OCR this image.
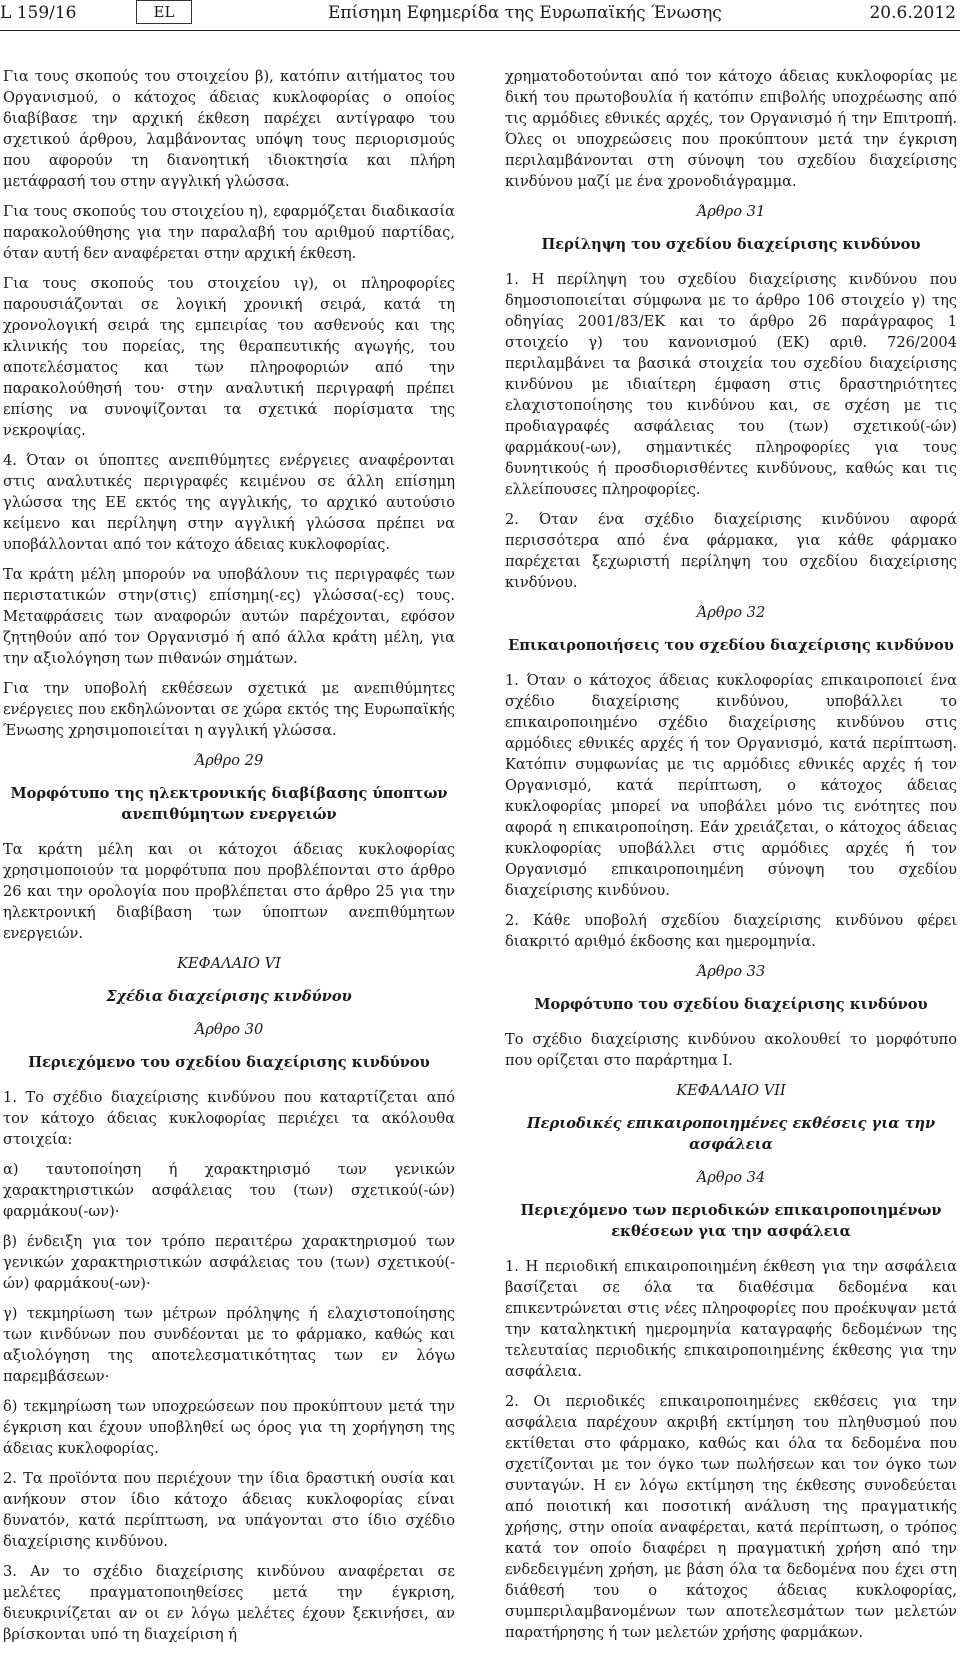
L 159/16	EL	Επίσημη Εφημερίδα της Ευρωπαϊκής Ένωσης	20.6.2012

Για τους σκοπούς του στοιχείου β), κατόπιν αιτήματος του Οργανισμού, ο κάτοχος άδειας κυκλοφορίας ο οποίος διαβίβασε την αρχική έκθεση παρέχει αντίγραφο του σχετικού άρθρου, λαμβάνοντας υπόψη τους περιορισμούς που αφορούν τη διανοητική ιδιοκτησία και πλήρη μετάφρασή του στην αγγλική γλώσσα.

Για τους σκοπούς του στοιχείου η), εφαρμόζεται διαδικασία παρακολούθησης για την παραλαβή του αριθμού παρτίδας, όταν αυτή δεν αναφέρεται στην αρχική έκθεση.

Για τους σκοπούς του στοιχείου ιγ), οι πληροφορίες παρουσιάζονται σε λογική χρονική σειρά, κατά τη χρονολογική σειρά της εμπειρίας του ασθενούς και της κλινικής του πορείας, της θεραπευτικής αγωγής, του αποτελέσματος και των πληροφοριών από την παρακολούθησή του· στην αναλυτική περιγραφή πρέπει επίσης να συνοψίζονται τα σχετικά πορίσματα της νεκροψίας.

4. Όταν οι ύποπτες ανεπιθύμητες ενέργειες αναφέρονται στις αναλυτικές περιγραφές κειμένου σε άλλη επίσημη γλώσσα της ΕΕ εκτός της αγγλικής, το αρχικό αυτούσιο κείμενο και περίληψη στην αγγλική γλώσσα πρέπει να υποβάλλονται από τον κάτοχο άδειας κυκλοφορίας.

Τα κράτη μέλη μπορούν να υποβάλουν τις περιγραφές των περιστατικών στην(στις) επίσημη(-ες) γλώσσα(-ες) τους. Μεταφράσεις των αναφορών αυτών παρέχονται, εφόσον ζητηθούν από τον Οργανισμό ή από άλλα κράτη μέλη, για την αξιολόγηση των πιθανών σημάτων.

Για την υποβολή εκθέσεων σχετικά με ανεπιθύμητες ενέργειες που εκδηλώνονται σε χώρα εκτός της Ευρωπαϊκής Ένωσης χρησιμοποιείται η αγγλική γλώσσα.

Άρθρο 29

Μορφότυπο της ηλεκτρονικής διαβίβασης ύποπτων ανεπιθύμητων ενεργειών

Τα κράτη μέλη και οι κάτοχοι άδειας κυκλοφορίας χρησιμοποιούν τα μορφότυπα που προβλέπονται στο άρθρο 26 και την ορολογία που προβλέπεται στο άρθρο 25 για την ηλεκτρονική διαβίβαση των ύποπτων ανεπιθύμητων ενεργειών.

ΚΕΦΑΛΑΙΟ VI

Σχέδια διαχείρισης κινδύνου

Άρθρο 30

Περιεχόμενο του σχεδίου διαχείρισης κινδύνου

1. Το σχέδιο διαχείρισης κινδύνου που καταρτίζεται από τον κάτοχο άδειας κυκλοφορίας περιέχει τα ακόλουθα στοιχεία:

α) ταυτοποίηση ή χαρακτηρισμό των γενικών χαρακτηριστικών ασφάλειας του (των) σχετικού(-ών) φαρμάκου(-ων)·

β) ένδειξη για τον τρόπο περαιτέρω χαρακτηρισμού των γενικών χαρακτηριστικών ασφάλειας του (των) σχετικού(-ών) φαρμάκου(-ων)·

γ) τεκμηρίωση των μέτρων πρόληψης ή ελαχιστοποίησης των κινδύνων που συνδέονται με το φάρμακο, καθώς και αξιολόγηση της αποτελεσματικότητας των εν λόγω παρεμβάσεων·

δ) τεκμηρίωση των υποχρεώσεων που προκύπτουν μετά την έγκριση και έχουν υποβληθεί ως όρος για τη χορήγηση της άδειας κυκλοφορίας.

2. Τα προϊόντα που περιέχουν την ίδια δραστική ουσία και ανήκουν στον ίδιο κάτοχο άδειας κυκλοφορίας είναι δυνατόν, κατά περίπτωση, να υπάγονται στο ίδιο σχέδιο διαχείρισης κινδύνου.

3. Αν το σχέδιο διαχείρισης κινδύνου αναφέρεται σε μελέτες πραγματοποιηθείσες μετά την έγκριση, διευκρινίζεται αν οι εν λόγω μελέτες έχουν ξεκινήσει, αν βρίσκονται υπό τη διαχείριση ή

χρηματοδοτούνται από τον κάτοχο άδειας κυκλοφορίας με δική του πρωτοβουλία ή κατόπιν επιβολής υποχρέωσης από τις αρμόδιες εθνικές αρχές, τον Οργανισμό ή την Επιτροπή. Όλες οι υποχρεώσεις που προκύπτουν μετά την έγκριση περιλαμβάνονται στη σύνοψη του σχεδίου διαχείρισης κινδύνου μαζί με ένα χρονοδιάγραμμα.

Άρθρο 31

Περίληψη του σχεδίου διαχείρισης κινδύνου

1. Η περίληψη του σχεδίου διαχείρισης κινδύνου που δημοσιοποιείται σύμφωνα με το άρθρο 106 στοιχείο γ) της οδηγίας 2001/83/ΕΚ και το άρθρο 26 παράγραφος 1 στοιχείο γ) του κανονισμού (ΕΚ) αριθ. 726/2004 περιλαμβάνει τα βασικά στοιχεία του σχεδίου διαχείρισης κινδύνου με ιδιαίτερη έμφαση στις δραστηριότητες ελαχιστοποίησης του κινδύνου και, σε σχέση με τις προδιαγραφές ασφάλειας του (των) σχετικού(-ών) φαρμάκου(-ων), σημαντικές πληροφορίες για τους δυνητικούς ή προσδιορισθέντες κινδύνους, καθώς και τις ελλείπουσες πληροφορίες.

2. Όταν ένα σχέδιο διαχείρισης κινδύνου αφορά περισσότερα από ένα φάρμακα, για κάθε φάρμακο παρέχεται ξεχωριστή περίληψη του σχεδίου διαχείρισης κινδύνου.

Άρθρο 32

Επικαιροποιήσεις του σχεδίου διαχείρισης κινδύνου

1. Όταν ο κάτοχος άδειας κυκλοφορίας επικαιροποιεί ένα σχέδιο διαχείρισης κινδύνου, υποβάλλει το επικαιροποιημένο σχέδιο διαχείρισης κινδύνου στις αρμόδιες εθνικές αρχές ή τον Οργανισμό, κατά περίπτωση. Κατόπιν συμφωνίας με τις αρμόδιες εθνικές αρχές ή τον Οργανισμό, κατά περίπτωση, ο κάτοχος άδειας κυκλοφορίας μπορεί να υποβάλει μόνο τις ενότητες που αφορά η επικαιροποίηση. Εάν χρειάζεται, ο κάτοχος άδειας κυκλοφορίας υποβάλλει στις αρμόδιες αρχές ή τον Οργανισμό επικαιροποιημένη σύνοψη του σχεδίου διαχείρισης κινδύνου.

2. Κάθε υποβολή σχεδίου διαχείρισης κινδύνου φέρει διακριτό αριθμό έκδοσης και ημερομηνία.

Άρθρο 33

Μορφότυπο του σχεδίου διαχείρισης κινδύνου

Το σχέδιο διαχείρισης κινδύνου ακολουθεί το μορφότυπο που ορίζεται στο παράρτημα I.

ΚΕΦΑΛΑΙΟ VII

Περιοδικές επικαιροποιημένες εκθέσεις για την ασφάλεια

Άρθρο 34

Περιεχόμενο των περιοδικών επικαιροποιημένων εκθέσεων για την ασφάλεια

1. Η περιοδική επικαιροποιημένη έκθεση για την ασφάλεια βασίζεται σε όλα τα διαθέσιμα δεδομένα και επικεντρώνεται στις νέες πληροφορίες που προέκυψαν μετά την καταληκτική ημερομηνία καταγραφής δεδομένων της τελευταίας περιοδικής επικαιροποιημένης έκθεσης για την ασφάλεια.

2. Οι περιοδικές επικαιροποιημένες εκθέσεις για την ασφάλεια παρέχουν ακριβή εκτίμηση του πληθυσμού που εκτίθεται στο φάρμακο, καθώς και όλα τα δεδομένα που σχετίζονται με τον όγκο των πωλήσεων και τον όγκο των συνταγών. Η εν λόγω εκτίμηση της έκθεσης συνοδεύεται από ποιοτική και ποσοτική ανάλυση της πραγματικής χρήσης, στην οποία αναφέρεται, κατά περίπτωση, ο τρόπος κατά τον οποίο διαφέρει η πραγματική χρήση από την ενδεδειγμένη χρήση, με βάση όλα τα δεδομένα που έχει στη διάθεσή του ο κάτοχος άδειας κυκλοφορίας, συμπεριλαμβανομένων των αποτελεσμάτων των μελετών παρατήρησης ή των μελετών χρήσης φαρμάκων.
